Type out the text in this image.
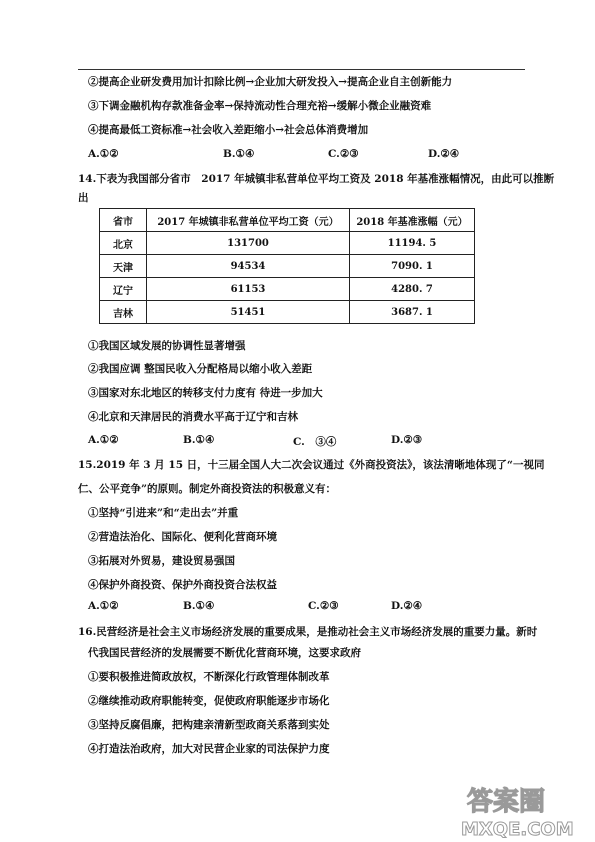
②提高企业研发费用加计扣除比例→企业加大研发投入→提高企业自主创新能力
③下调金融机构存款准备金率→保持流动性合理充裕→缓解小微企业融资难
④提高最低工资标准→社会收入差距缩小→社会总体消费增加
A.①②	B.①④	C.②③	D.②④
14.下表为我国部分省市　2017 年城镇非私营单位平均工资及 2018 年基准涨幅情况，由此可以推断
出
省市	2017 年城镇非私营单位平均工资（元）	2018 年基准涨幅（元）
北京	131700	11194. 5
天津	94534	7090. 1
辽宁	61153	4280. 7
吉林	51451	3687. 1
①我国区域发展的协调性显著增强
②我国应调 整国民收入分配格局以缩小收入差距
③国家对东北地区的转移支付力度有 待进一步加大
④北京和天津居民的消费水平高于辽宁和吉林
A.①②	B.①④	C.　③④	D.②③
15.2019 年 3 月 15 日，十三届全国人大二次会议通过《外商投资法》，该法清晰地体现了“一视同
仁、公平竞争”的原则。制定外商投资法的积极意义有：
①坚持“引进来”和“走出去”并重
②营造法治化、国际化、便利化营商环境
③拓展对外贸易，建设贸易强国
④保护外商投资、保护外商投资合法权益
A.①②	B.①④	C.②③	D.②④
16.民营经济是社会主义市场经济发展的重要成果，是推动社会主义市场经济发展的重要力量。新时
代我国民营经济的发展需要不断优化营商环境，这要求政府
①要积极推进简政放权，不断深化行政管理体制改革
②继续推动政府职能转变，促使政府职能逐步市场化
③坚持反腐倡廉，把构建亲清新型政商关系落到实处
④打造法治政府，加大对民营企业家的司法保护力度
答案圈
MXQE.COM
